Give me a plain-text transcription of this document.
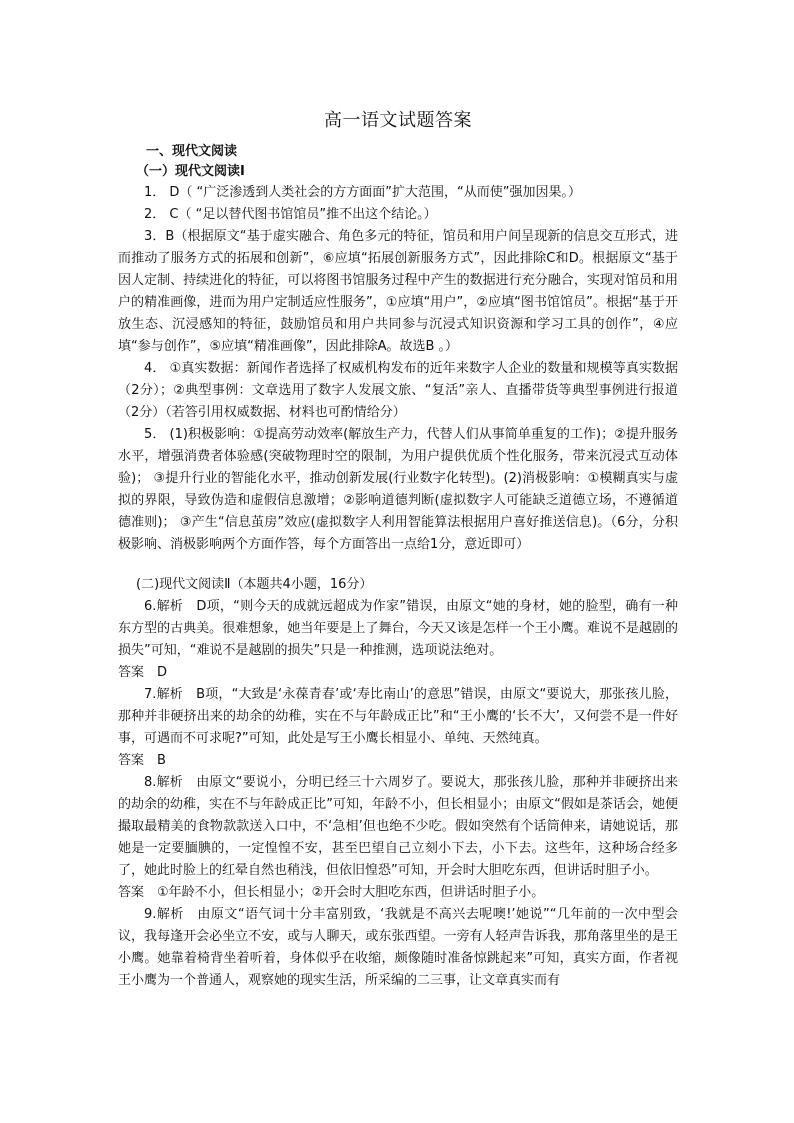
高一语文试题答案
一、现代文阅读
（一）现代文阅读Ⅰ

1． D（ “广泛渗透到人类社会的方方面面”扩大范围，“从而使”强加因果。）

2． C（ “足以替代图书馆馆员”推不出这个结论。）

3．B（根据原文“基于虚实融合、角色多元的特征，馆员和用户间呈现新的信息交互形式，进而推动了服务方式的拓展和创新”，⑥应填“拓展创新服务方式”，因此排除C和D。根据原文“基于因人定制、持续进化的特征，可以将图书馆服务过程中产生的数据进行充分融合，实现对馆员和用户的精准画像，进而为用户定制适应性服务”，①应填“用户”，②应填“图书馆馆员”。根据“基于开放生态、沉浸感知的特征，鼓励馆员和用户共同参与沉浸式知识资源和学习工具的创作”，④应填“参与创作”，⑤应填“精准画像”，因此排除A。故选B 。）

4． ①真实数据：新闻作者选择了权威机构发布的近年来数字人企业的数量和规模等真实数据（2分）；②典型事例：文章选用了数字人发展文旅、“复活”亲人、直播带货等典型事例进行报道（2分）（若答引用权威数据、材料也可酌情给分）

5． (1)积极影响：①提高劳动效率(解放生产力，代替人们从事简单重复的工作)；②提升服务水平，增强消费者体验感(突破物理时空的限制，为用户提供优质个性化服务，带来沉浸式互动体验)； ③提升行业的智能化水平，推动创新发展(行业数字化转型)。(2)消极影响：①模糊真实与虚拟的界限，导致伪造和虚假信息激增；②影响道德判断(虚拟数字人可能缺乏道德立场，不遵循道德准则)； ③产生“信息茧房”效应(虚拟数字人利用智能算法根据用户喜好推送信息)。（6分，分积极影响、消极影响两个方面作答，每个方面答出一点给1分，意近即可）

(二)现代文阅读Ⅱ（本题共4小题，16分）

6.解析　D项，“则今天的成就远超成为作家”错误，由原文“她的身材，她的脸型，确有一种东方型的古典美。很难想象，她当年要是上了舞台，今天又该是怎样一个王小鹰。难说不是越剧的损失”可知，“难说不是越剧的损失”只是一种推测，选项说法绝对。

答案　D

7.解析　B项，“大致是‘永葆青春’或‘寿比南山’的意思”错误，由原文“要说大，那张孩儿脸，那种并非硬挤出来的劫余的幼稚，实在不与年龄成正比”和“王小鹰的‘长不大’，又何尝不是一件好事，可遇而不可求呢?”可知，此处是写王小鹰长相显小、单纯、天然纯真。

答案　B

8.解析　由原文“要说小，分明已经三十六周岁了。要说大，那张孩儿脸，那种并非硬挤出来的劫余的幼稚，实在不与年龄成正比”可知，年龄不小，但长相显小；由原文“假如是茶话会，她便撮取最精美的食物款款送入口中，不‘急相’但也绝不少吃。假如突然有个话筒伸来，请她说话，那她是一定要腼腆的，一定惶惶不安，甚至巴望自己立刻小下去，小下去。这些年，这种场合经多了，她此时脸上的红晕自然也稍浅，但依旧惶恐”可知，开会时大胆吃东西，但讲话时胆子小。

答案　①年龄不小，但长相显小；②开会时大胆吃东西，但讲话时胆子小。

9.解析　由原文“语气词十分丰富别致，‘我就是不高兴去呢噢!’她说”“几年前的一次中型会议，我每逢开会必坐立不安，或与人聊天，或东张西望。一旁有人轻声告诉我，那角落里坐的是王小鹰。她靠着椅背坐着听着，身体似乎在收缩，颇像随时准备惊跳起来”可知，真实方面，作者视王小鹰为一个普通人，观察她的现实生活，所采编的二三事，让文章真实而有
